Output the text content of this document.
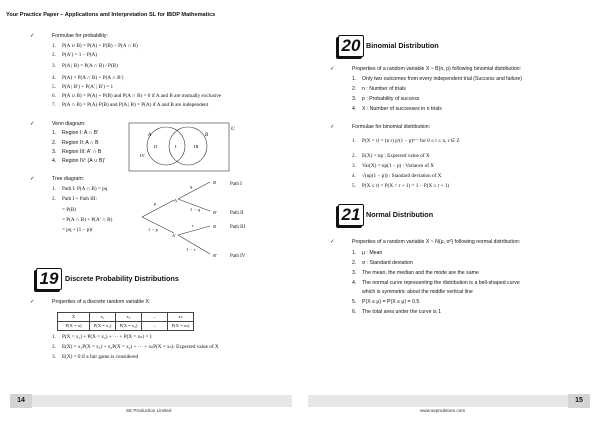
Your Practice Paper – Applications and Interpretation SL for IBDP Mathematics
✓	Formulae for probability:
1. P(A ∪ B) = P(A) + P(B) − P(A ∩ B)
2. P(A′) = 1 − P(A)
3. P(A | B) = P(A ∩ B) / P(B)
4. P(A) = P(A ∩ B) + P(A ∩ B′)
5. P(A | B′) + P(A′ | B′) = 1
6. P(A ∪ B) = P(A) + P(B) and P(A ∩ B) = 0 if A and B are mutually exclusive
7. P(A ∩ B) = P(A)·P(B) and P(A | B) = P(A) if A and B are independent
✓	Venn diagram:
1. Region I: A ∩ B′
2. Region II: A ∩ B
3. Region III: A′ ∩ B
4. Region IV: (A ∪ B)′
A	B
U
II	I	III
IV
✓	Tree diagram:
1. Path I: P(A ∩ B) = pq
2. Path I + Path III:
= P(B)
= P(A ∩ B) + P(A′ ∩ B)
= pq + (1 − p)r
p
1 − p
A
A′
q
1 − q
r
1 − r
B
B′
B
B′
Path I
Path II
Path III
Path IV
19 Discrete Probability Distributions
✓	Properties of a discrete random variable X:
X	x₁	x₂	...	xₙ
P(X = x)	P(X = x₁)	P(X = x₂)	...	P(X = xₙ)
1. P(X = x₁) + P(X = x₂) + ··· + P(X = xₙ) = 1
2. E(X) = x₁P(X = x₁) + x₂P(X = x₂) + ··· + xₙP(X = xₙ): Expected value of X
3. E(X) = 0 if a fair game is considered
20 Binomial Distribution
✓	Properties of a random variable X ~ B(n, p) following binomial distribution:
1. Only two outcomes from every independent trial (Success and failure)
2. n : Number of trials
3. p : Probability of success
4. X : Number of successes in n trials
✓	Formulae for binomial distribution:
1. P(X = r) = (n r) pʳ(1 − p)ⁿ⁻ʳ for 0 ≤ r ≤ n, r ∈ Z
2. E(X) = np : Expected value of X
3. Var(X) = np(1 − p) : Variance of X
4. √(np(1 − p)) : Standard deviation of X
5. P(X ≤ r) = P(X < r + 1) = 1 − P(X ≥ r + 1)
21 Normal Distribution
✓	Properties of a random variable X ~ N(μ, σ²) following normal distribution:
1. μ : Mean
2. σ : Standard deviation
3. The mean, the median and the mode are the same
4. The normal curve representing the distribution is a bell-shaped curve
which is symmetric about the middle vertical line
5. P(X ≤ μ) = P(X ≥ μ) = 0.5
6. The total area under the curve is 1
14	15
SE Production Limited	www.seprodstore.com
